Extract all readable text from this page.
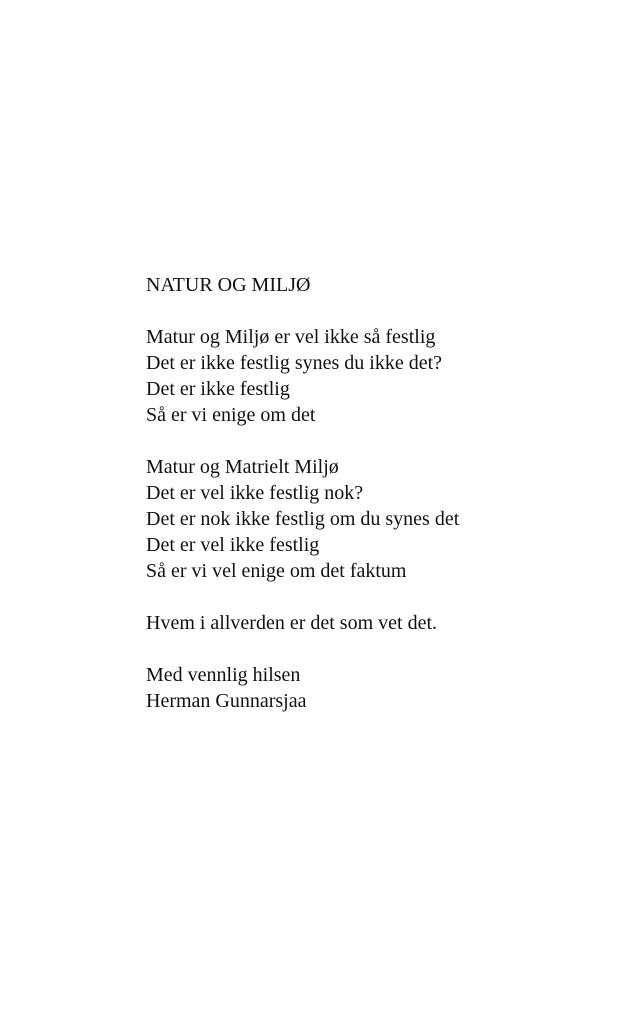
NATUR OG MILJØ
Matur og Miljø er vel ikke så festlig
Det er ikke festlig synes du ikke det?
Det er ikke festlig
Så er vi enige om det
Matur og Matrielt Miljø
Det er vel ikke festlig nok?
Det er nok ikke festlig om du synes det
Det er vel ikke festlig
Så er vi vel enige om det faktum
Hvem i allverden er det som vet det.
Med vennlig hilsen
Herman Gunnarsjaa
